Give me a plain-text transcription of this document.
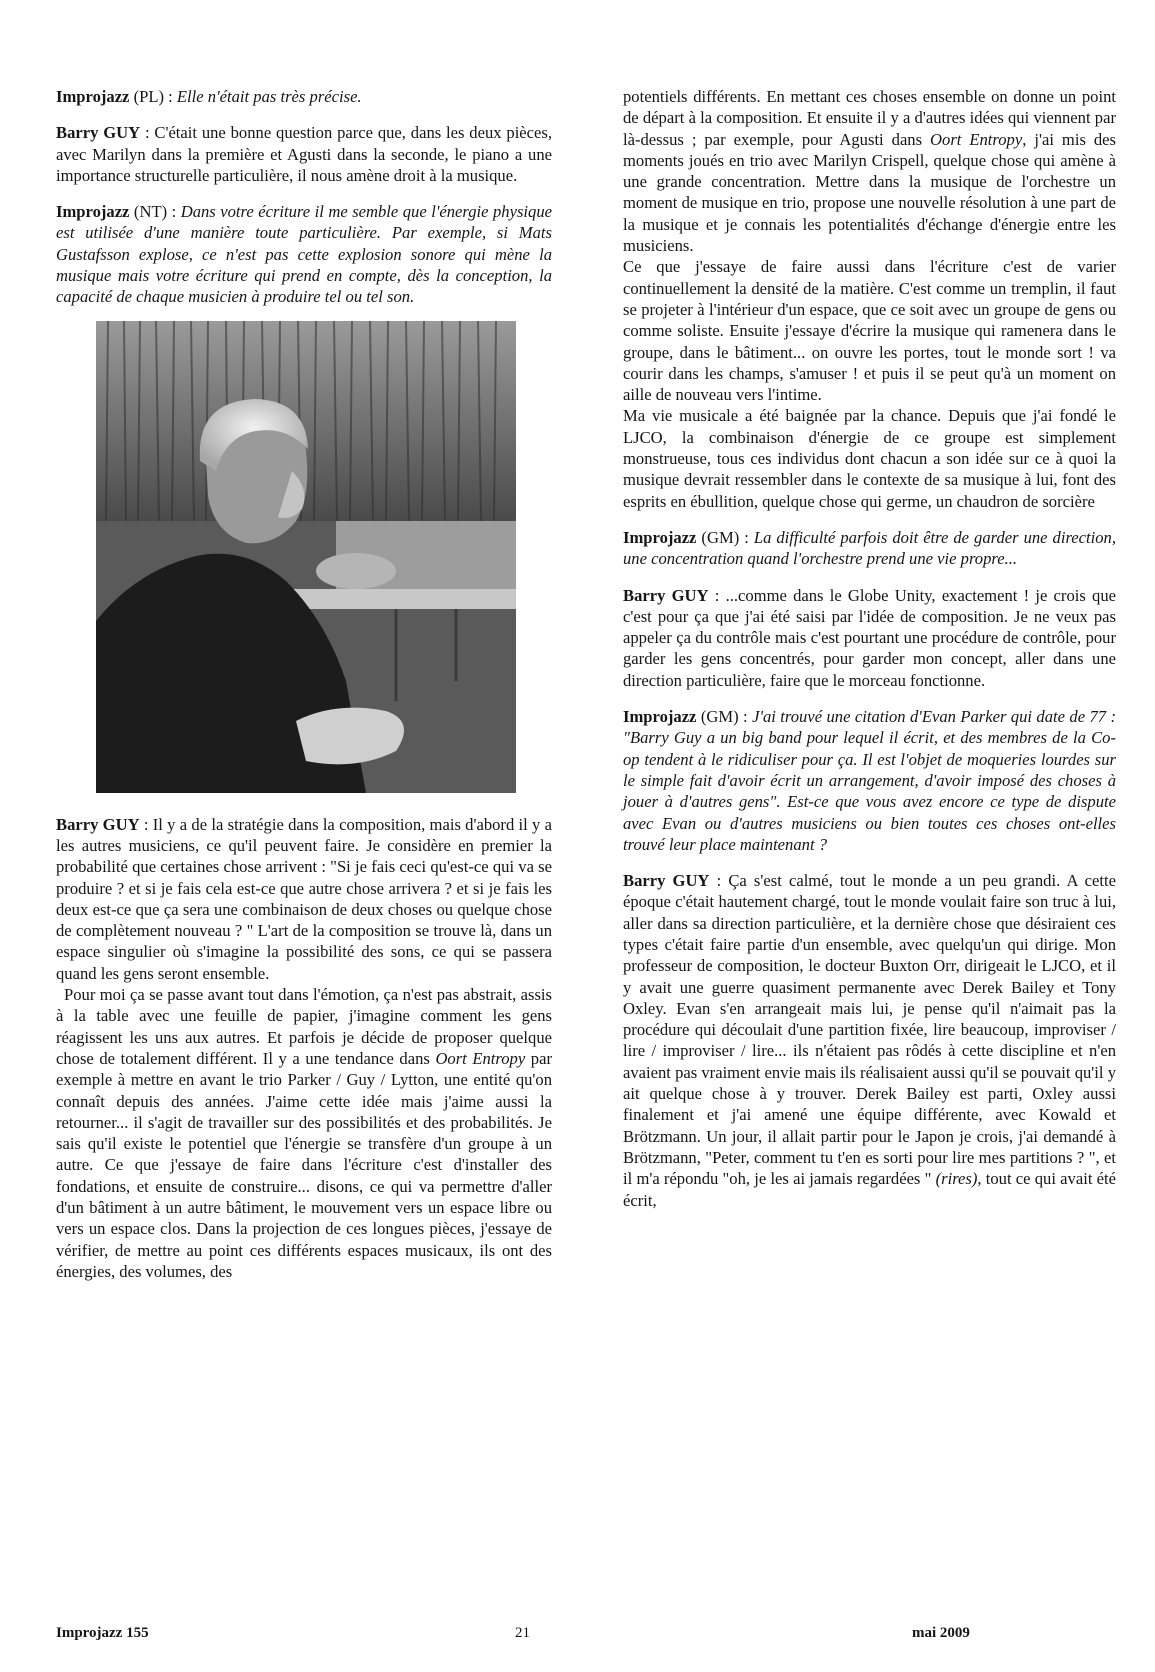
Improjazz (PL) : Elle n'était pas très précise.

Barry GUY : C'était une bonne question parce que, dans les deux pièces, avec Marilyn dans la première et Agusti dans la seconde, le piano a une importance structurelle particulière, il nous amène droit à la musique.

Improjazz (NT) : Dans votre écriture il me semble que l'énergie physique est utilisée d'une manière toute particulière. Par exemple, si Mats Gustafsson explose, ce n'est pas cette explosion sonore qui mène la musique mais votre écriture qui prend en compte, dès la conception, la capacité de chaque musicien à produire tel ou tel son.

Barry GUY : Il y a de la stratégie dans la composition, mais d'abord il y a les autres musiciens, ce qu'il peuvent faire. Je considère en premier la probabilité que certaines chose arrivent : "Si je fais ceci qu'est-ce qui va se produire ? et si je fais cela est-ce que autre chose arrivera ? et si je fais les deux est-ce que ça sera une combinaison de deux choses ou quelque chose de complètement nouveau ? " L'art de la composition se trouve là, dans un espace singulier où s'imagine la possibilité des sons, ce qui se passera quand les gens seront ensemble.

Pour moi ça se passe avant tout dans l'émotion, ça n'est pas abstrait, assis à la table avec une feuille de papier, j'imagine comment les gens réagissent les uns aux autres. Et parfois je décide de proposer quelque chose de totalement différent. Il y a une tendance dans Oort Entropy par exemple à mettre en avant le trio Parker / Guy / Lytton, une entité qu'on connaît depuis des années. J'aime cette idée mais j'aime aussi la retourner... il s'agit de travailler sur des possibilités et des probabilités. Je sais qu'il existe le potentiel que l'énergie se transfère d'un groupe à un autre. Ce que j'essaye de faire dans l'écriture c'est d'installer des fondations, et ensuite de construire... disons, ce qui va permettre d'aller d'un bâtiment à un autre bâtiment, le mouvement vers un espace libre ou vers un espace clos. Dans la projection de ces longues pièces, j'essaye de vérifier, de mettre au point ces différents espaces musicaux, ils ont des énergies, des volumes, des

potentiels différents. En mettant ces choses ensemble on donne un point de départ à la composition. Et ensuite il y a d'autres idées qui viennent par là-dessus ; par exemple, pour Agusti dans Oort Entropy, j'ai mis des moments joués en trio avec Marilyn Crispell, quelque chose qui amène à une grande concentration. Mettre dans la musique de l'orchestre un moment de musique en trio, propose une nouvelle résolution à une part de la musique et je connais les potentialités d'échange d'énergie entre les musiciens.

Ce que j'essaye de faire aussi dans l'écriture c'est de varier continuellement la densité de la matière. C'est comme un tremplin, il faut se projeter à l'intérieur d'un espace, que ce soit avec un groupe de gens ou comme soliste. Ensuite j'essaye d'écrire la musique qui ramenera dans le groupe, dans le bâtiment... on ouvre les portes, tout le monde sort ! va courir dans les champs, s'amuser ! et puis il se peut qu'à un moment on aille de nouveau vers l'intime.

Ma vie musicale a été baignée par la chance. Depuis que j'ai fondé le LJCO, la combinaison d'énergie de ce groupe est simplement monstrueuse, tous ces individus dont chacun a son idée sur ce à quoi la musique devrait ressembler dans le contexte de sa musique à lui, font des esprits en ébullition, quelque chose qui germe, un chaudron de sorcière

Improjazz (GM) : La difficulté parfois doit être de garder une direction, une concentration quand l'orchestre prend une vie propre...

Barry GUY : ...comme dans le Globe Unity, exactement ! je crois que c'est pour ça que j'ai été saisi par l'idée de composition. Je ne veux pas appeler ça du contrôle mais c'est pourtant une procédure de contrôle, pour garder les gens concentrés, pour garder mon concept, aller dans une direction particulière, faire que le morceau fonctionne.

Improjazz (GM) : J'ai trouvé une citation d'Evan Parker qui date de 77 : "Barry Guy a un big band pour lequel il écrit, et des membres de la Co-op tendent à le ridiculiser pour ça. Il est l'objet de moqueries lourdes sur le simple fait d'avoir écrit un arrangement, d'avoir imposé des choses à jouer à d'autres gens". Est-ce que vous avez encore ce type de dispute avec Evan ou d'autres musiciens ou bien toutes ces choses ont-elles trouvé leur place maintenant ?

Barry GUY : Ça s'est calmé, tout le monde a un peu grandi. A cette époque c'était hautement chargé, tout le monde voulait faire son truc à lui, aller dans sa direction particulière, et la dernière chose que désiraient ces types c'était faire partie d'un ensemble, avec quelqu'un qui dirige. Mon professeur de composition, le docteur Buxton Orr, dirigeait le LJCO, et il y avait une guerre quasiment permanente avec Derek Bailey et Tony Oxley. Evan s'en arrangeait mais lui, je pense qu'il n'aimait pas la procédure qui découlait d'une partition fixée, lire beaucoup, improviser / lire / improviser / lire... ils n'étaient pas rôdés à cette discipline et n'en avaient pas vraiment envie mais ils réalisaient aussi qu'il se pouvait qu'il y ait quelque chose à y trouver. Derek Bailey est parti, Oxley aussi finalement et j'ai amené une équipe différente, avec Kowald et Brötzmann. Un jour, il allait partir pour le Japon je crois, j'ai demandé à Brötzmann, "Peter, comment tu t'en es sorti pour lire mes partitions ? ", et il m'a répondu "oh, je les ai jamais regardées " (rires), tout ce qui avait été écrit,

Improjazz 155	21	mai 2009
